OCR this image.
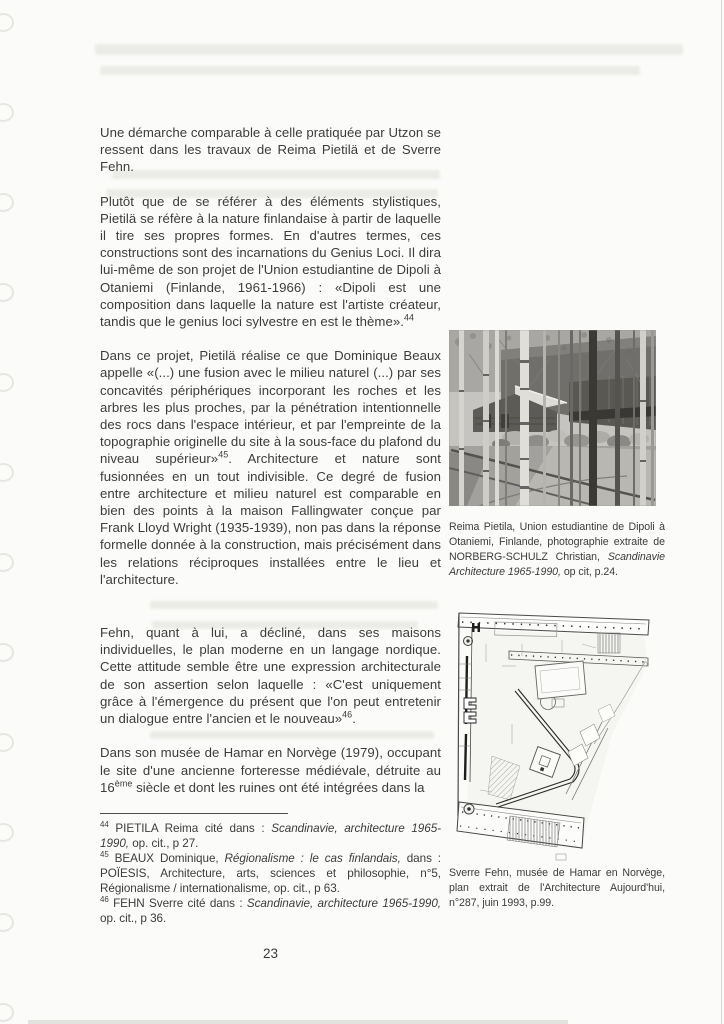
Une démarche comparable à celle pratiquée par Utzon se ressent dans les travaux de Reima Pietilä et de Sverre Fehn.

Plutôt que de se référer à des éléments stylistiques, Pietilä se réfère à la nature finlandaise à partir de laquelle il tire ses propres formes. En d'autres termes, ces constructions sont des incarnations du Genius Loci. Il dira lui-même de son projet de l'Union estudiantine de Dipoli à Otaniemi (Finlande, 1961-1966) : «Dipoli est une composition dans laquelle la nature est l'artiste créateur, tandis que le genius loci sylvestre en est le thème».$^{44}$

Dans ce projet, Pietilä réalise ce que Dominique Beaux appelle «(...) une fusion avec le milieu naturel (...) par ses concavités périphériques incorporant les roches et les arbres les plus proches, par la pénétration intentionnelle des rocs dans l'espace intérieur, et par l'empreinte de la topographie originelle du site à la sous-face du plafond du niveau supérieur»$^{45}$. Architecture et nature sont fusionnées en un tout indivisible. Ce degré de fusion entre architecture et milieu naturel est comparable en bien des points à la maison Fallingwater conçue par Frank Lloyd Wright (1935-1939), non pas dans la réponse formelle donnée à la construction, mais précisément dans les relations réciproques installées entre le lieu et l'architecture.

Fehn, quant à lui, a décliné, dans ses maisons individuelles, le plan moderne en un langage nordique. Cette attitude semble être une expression architecturale de son assertion selon laquelle : «C'est uniquement grâce à l'émergence du présent que l'on peut entretenir un dialogue entre l'ancien et le nouveau»$^{46}$.

Dans son musée de Hamar en Norvège (1979), occupant le site d'une ancienne forteresse médiévale, détruite au 16ème siècle et dont les ruines ont été intégrées dans la

$^{44}$ PIETILA Reima cité dans : Scandinavie, architecture 1965-1990, op. cit., p 27.

$^{45}$ BEAUX Dominique, Régionalisme : le cas finlandais, dans : POÏESIS, Architecture, arts, sciences et philosophie, n°5, Régionalisme / internationalisme, op. cit., p 63.

$^{46}$ FEHN Sverre cité dans : Scandinavie, architecture 1965-1990, op. cit., p 36.

Reima Pietila, Union estudiantine de Dipoli à Otaniemi, Finlande, photographie extraite de NORBERG-SCHULZ Christian, Scandinavie Architecture 1965-1990, op cit, p.24.
Sverre Fehn, musée de Hamar en Norvège, plan extrait de l'Architecture Aujourd'hui, n°287, juin 1993, p.99.
23
